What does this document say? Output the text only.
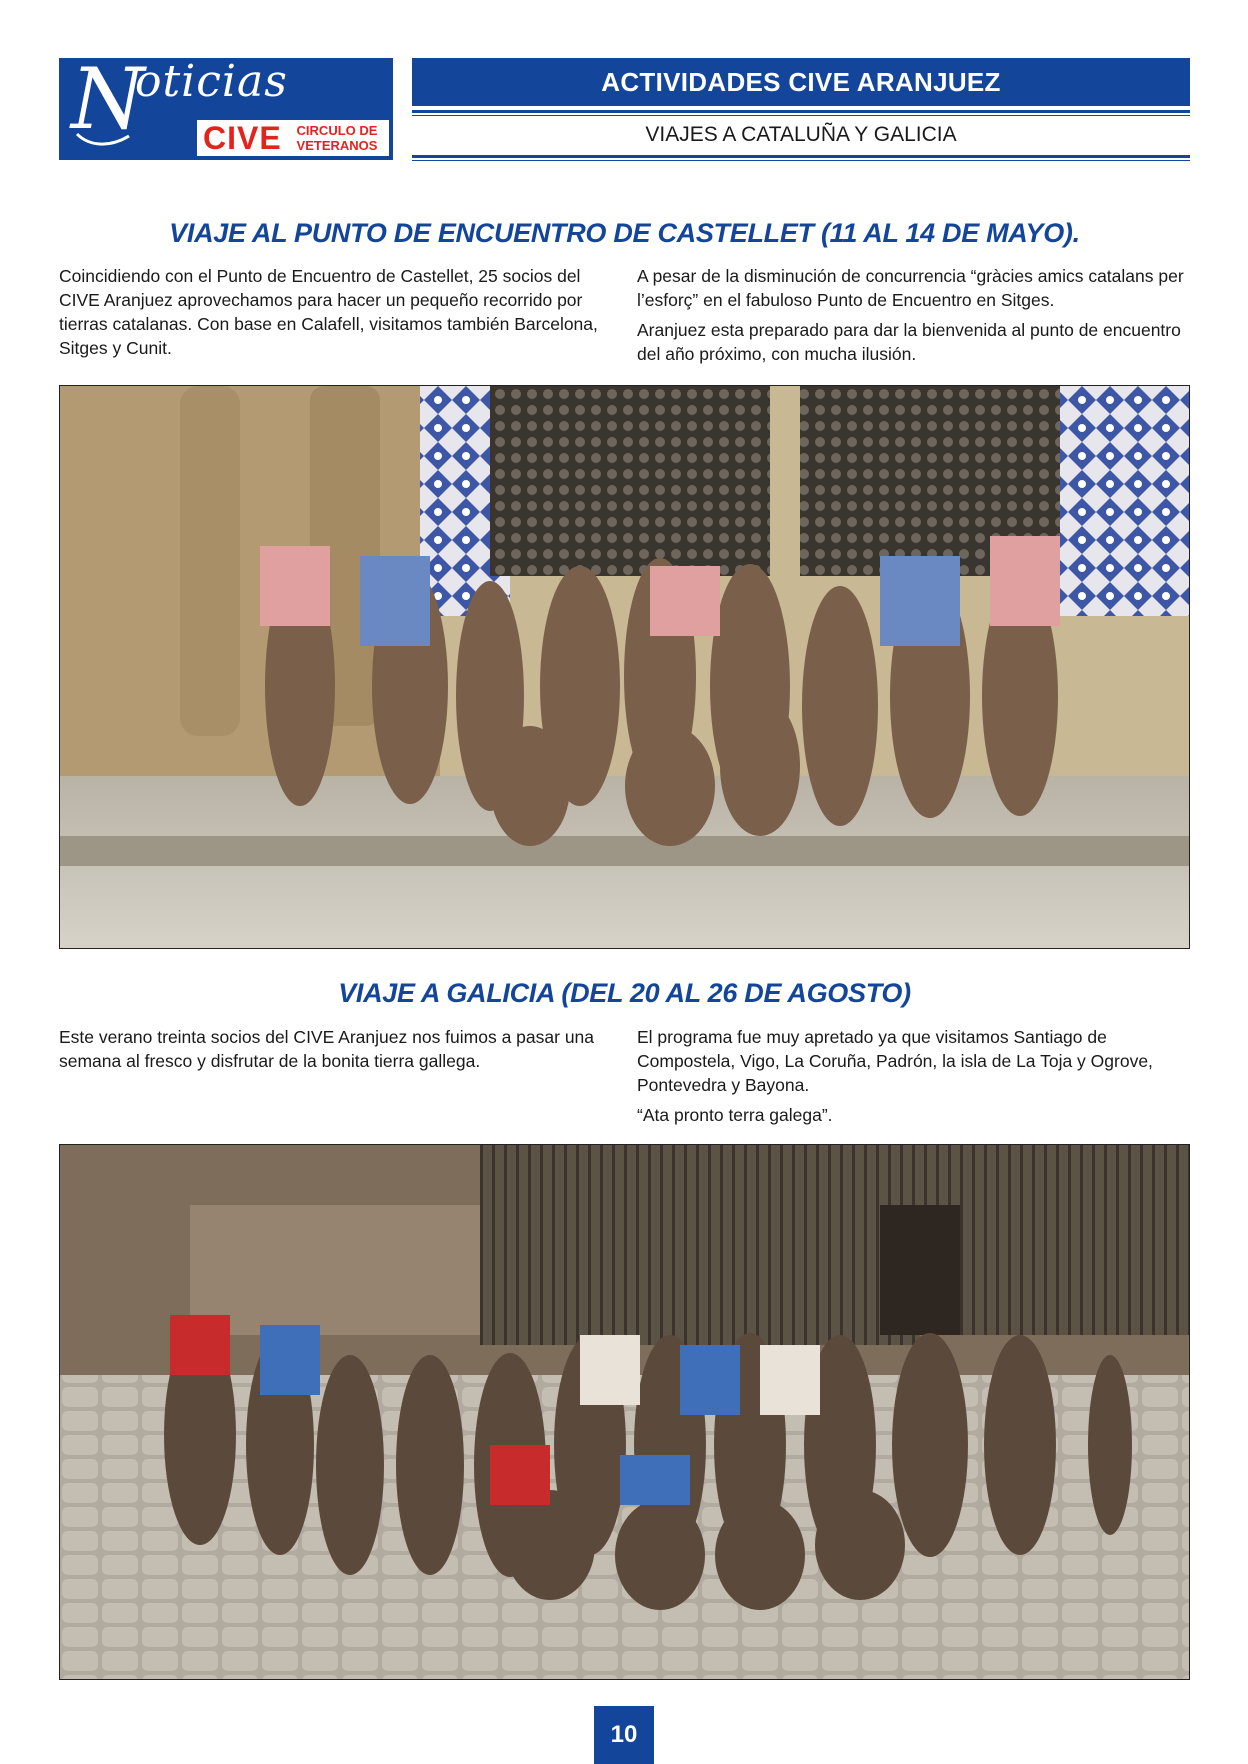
N
oticias
CIVE	CIRCULO DE
VETERANOS
ACTIVIDADES CIVE ARANJUEZ
VIAJES A CATALUÑA Y GALICIA
VIAJE AL PUNTO DE ENCUENTRO DE CASTELLET (11 AL 14 DE MAYO).

Coincidiendo con el Punto de Encuentro de Castellet, 25 socios del CIVE Aranjuez aprovechamos para hacer un pequeño recorrido por tierras catalanas. Con base en Calafell, visitamos también Barcelona, Sitges y Cunit.

A pesar de la disminución de concurrencia “gràcies amics catalans per l’esforç” en el fabuloso Punto de Encuentro en Sitges.

Aranjuez esta preparado para dar la bienvenida al punto de encuentro del año próximo, con mucha ilusión.

VIAJE A GALICIA (DEL 20 AL 26 DE AGOSTO)

Este verano treinta socios del CIVE Aranjuez nos fuimos a pasar una semana al fresco y disfrutar de la bonita tierra gallega.

El programa fue muy apretado ya que visitamos Santiago de Compostela, Vigo, La Coruña, Padrón, la isla de La Toja y Ogrove, Pontevedra y Bayona.

“Ata pronto terra galega”.

10
